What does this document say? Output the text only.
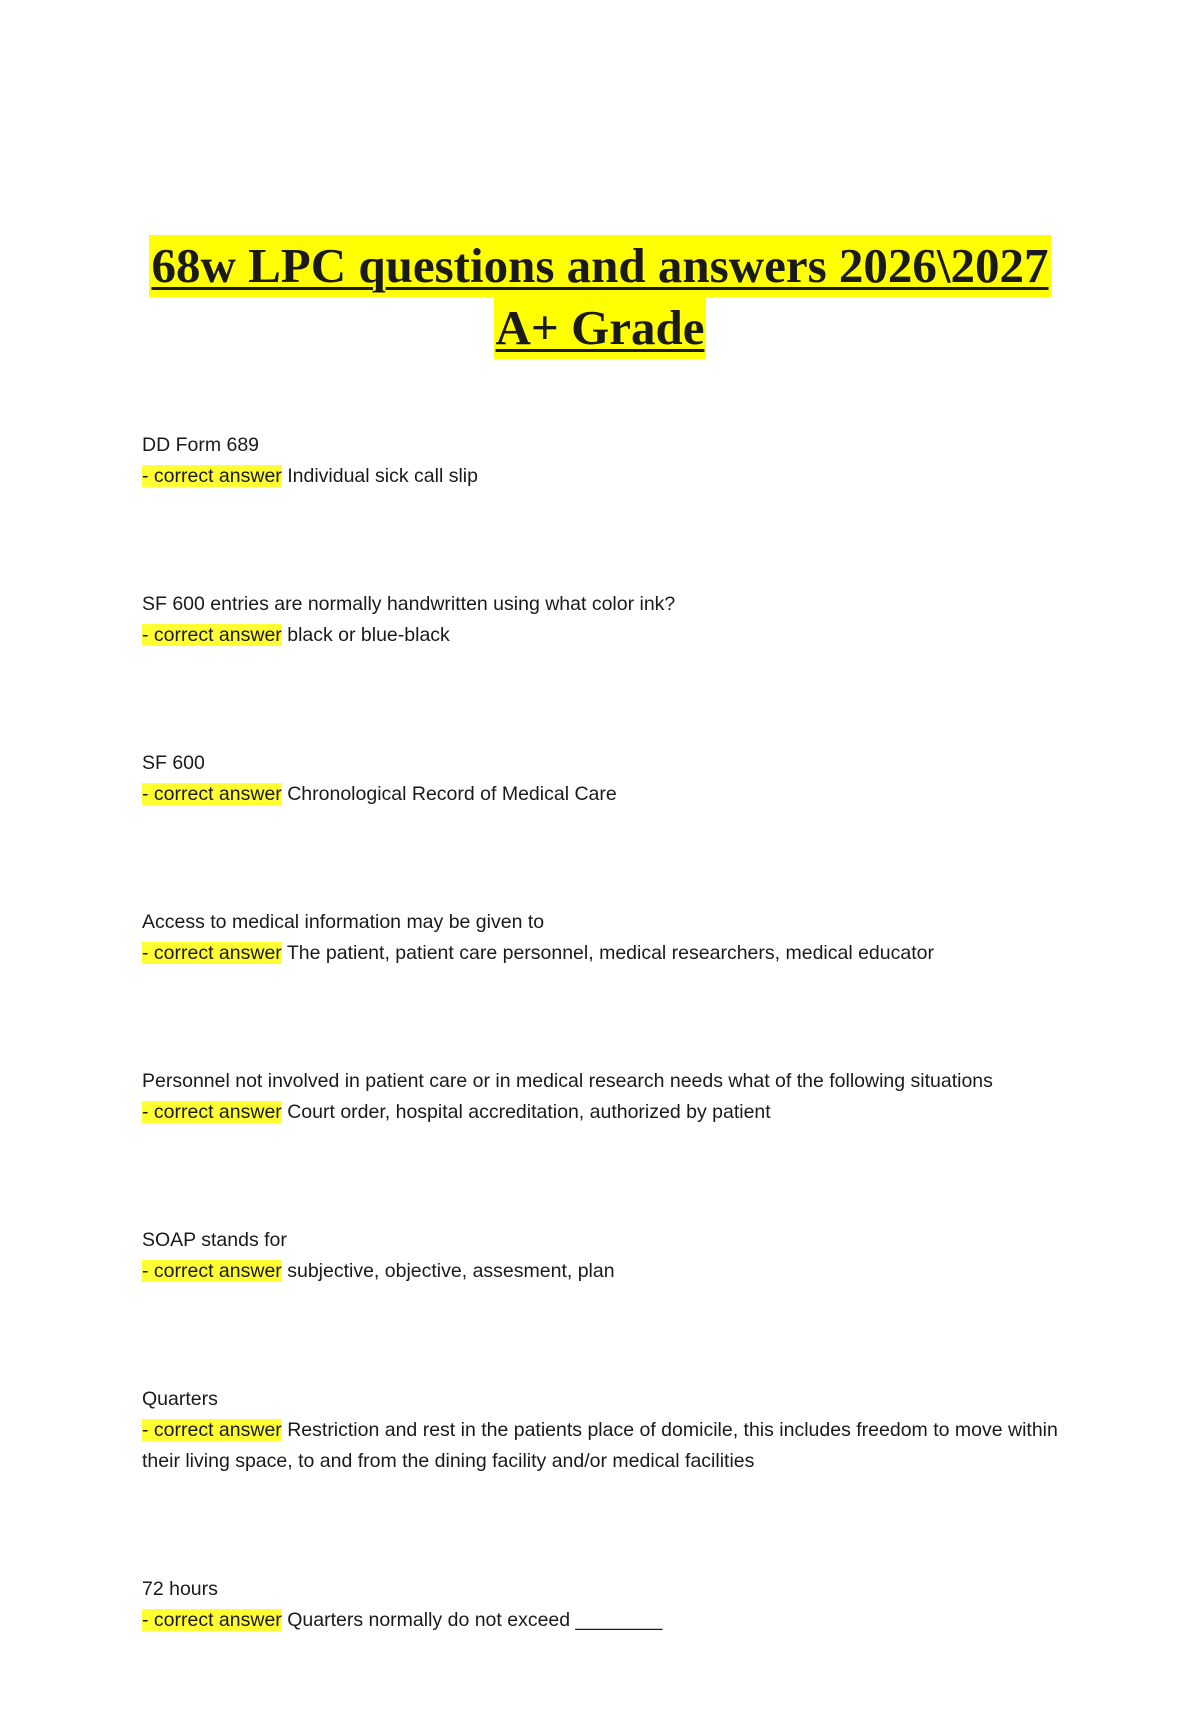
68w LPC questions and answers 2026\2027
A+ Grade
DD Form 689
- correct answer Individual sick call slip
SF 600 entries are normally handwritten using what color ink?
- correct answer black or blue-black
SF 600
- correct answer Chronological Record of Medical Care
Access to medical information may be given to
- correct answer The patient, patient care personnel, medical researchers, medical educator
Personnel not involved in patient care or in medical research needs what of the following situations
- correct answer Court order, hospital accreditation, authorized by patient
SOAP stands for
- correct answer subjective, objective, assesment, plan
Quarters
- correct answer Restriction and rest in the patients place of domicile, this includes freedom to move within their living space, to and from the dining facility and/or medical facilities
72 hours
- correct answer Quarters normally do not exceed ________
